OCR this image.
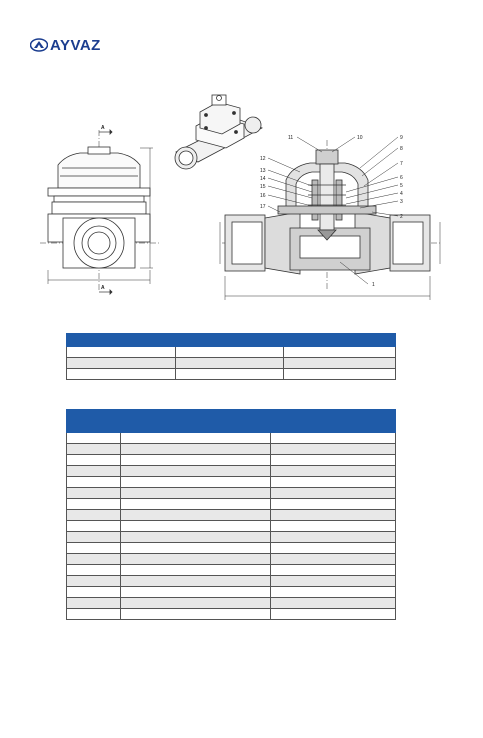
AYVAZ
A
A	1
2
3
4
5
6
7
8
9
10
11
12
13
14
15
16
17
